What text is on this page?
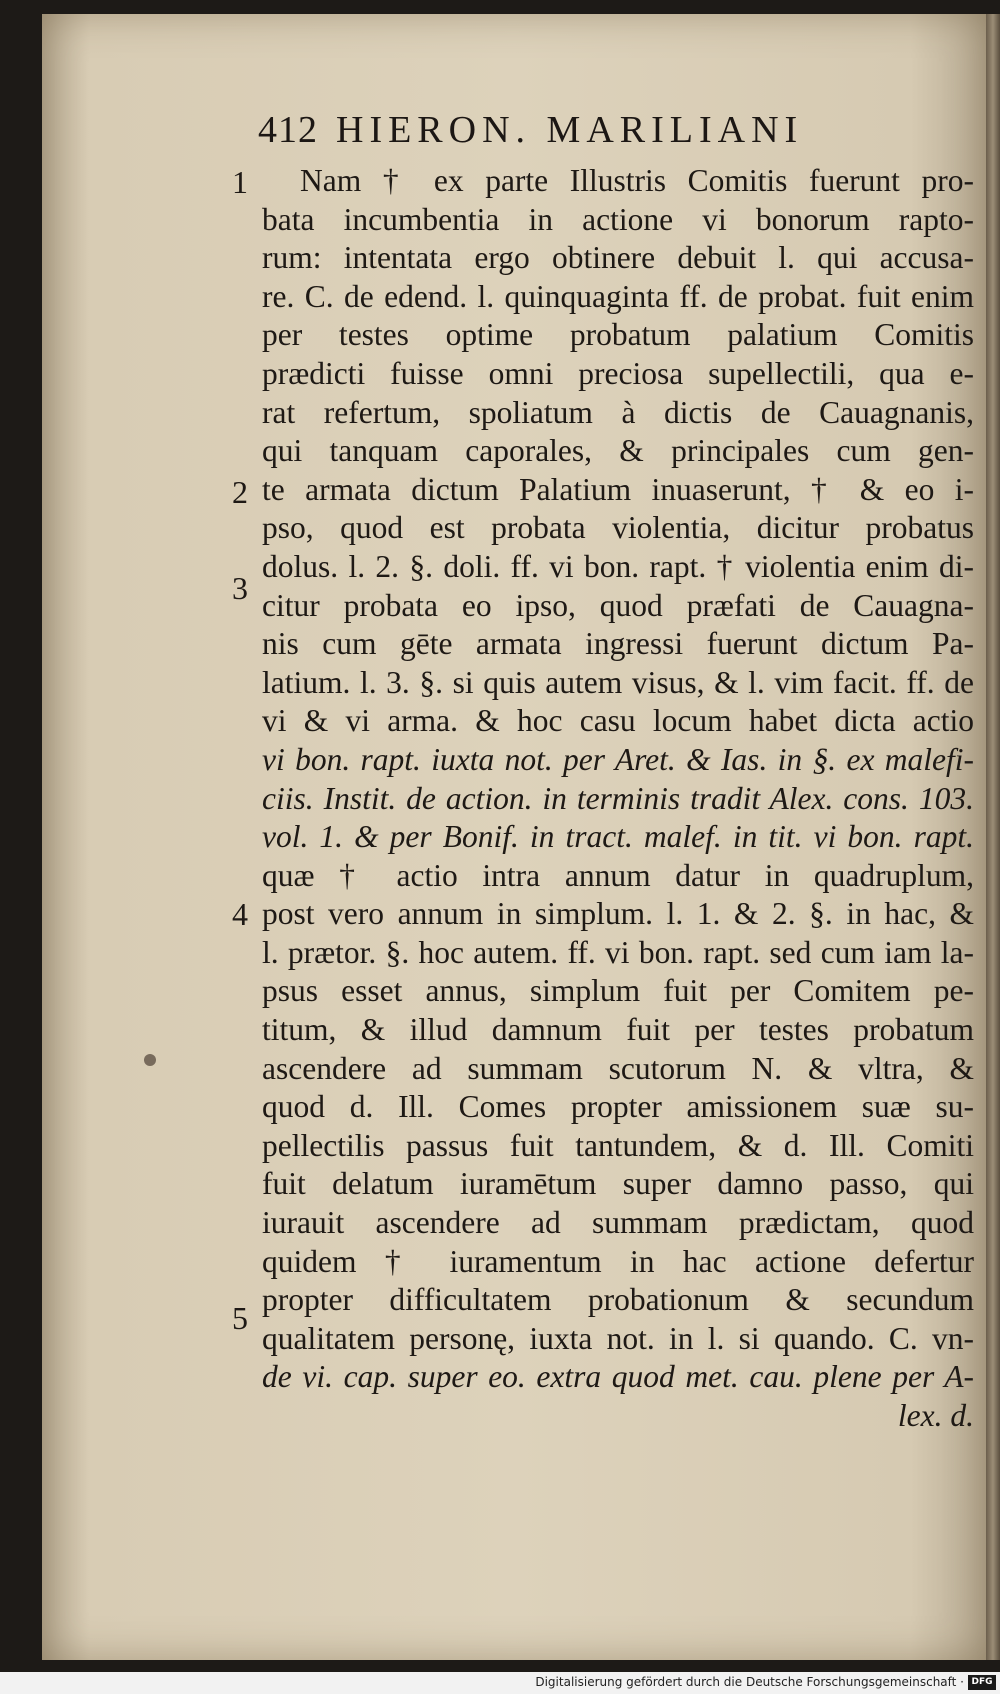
412 HIERON. MARILIANI
1
2
3
4
5
Nam † ex parte Illustris Comitis fuerunt pro-
bata incumbentia in actione vi bonorum rapto-
rum: intentata ergo obtinere debuit l. qui accusa-
re. C. de edend. l. quinquaginta ff. de probat. fuit enim
per testes optime probatum palatium Comitis
prædicti fuisse omni preciosa supellectili, qua e-
rat refertum, spoliatum à dictis de Cauagnanis,
qui tanquam caporales, & principales cum gen-
te armata dictum Palatium inuaserunt, † & eo i-
pso, quod est probata violentia, dicitur probatus
dolus. l. 2. §. doli. ff. vi bon. rapt. † violentia enim di-
citur probata eo ipso, quod præfati de Cauagna-
nis cum gēte armata ingressi fuerunt dictum Pa-
latium. l. 3. §. si quis autem visus, & l. vim facit. ff. de
vi & vi arma. & hoc casu locum habet dicta actio
vi bon. rapt. iuxta not. per Aret. & Ias. in §. ex malefi-
ciis. Instit. de action. in terminis tradit Alex. cons. 103.
vol. 1. & per Bonif. in tract. malef. in tit. vi bon. rapt.
quæ † actio intra annum datur in quadruplum,
post vero annum in simplum. l. 1. & 2. §. in hac, &
l. prætor. §. hoc autem. ff. vi bon. rapt. sed cum iam la-
psus esset annus, simplum fuit per Comitem pe-
titum, & illud damnum fuit per testes probatum
ascendere ad summam scutorum N. & vltra, &
quod d. Ill. Comes propter amissionem suæ su-
pellectilis passus fuit tantundem, & d. Ill. Comiti
fuit delatum iuramētum super damno passo, qui
iurauit ascendere ad summam prædictam, quod
quidem † iuramentum in hac actione defertur
propter difficultatem probationum & secundum
qualitatem personę, iuxta not. in l. si quando. C. vn-
de vi. cap. super eo. extra quod met. cau. plene per A-
lex. d.
Digitalisierung gefördert durch die Deutsche Forschungsgemeinschaft · DFG
